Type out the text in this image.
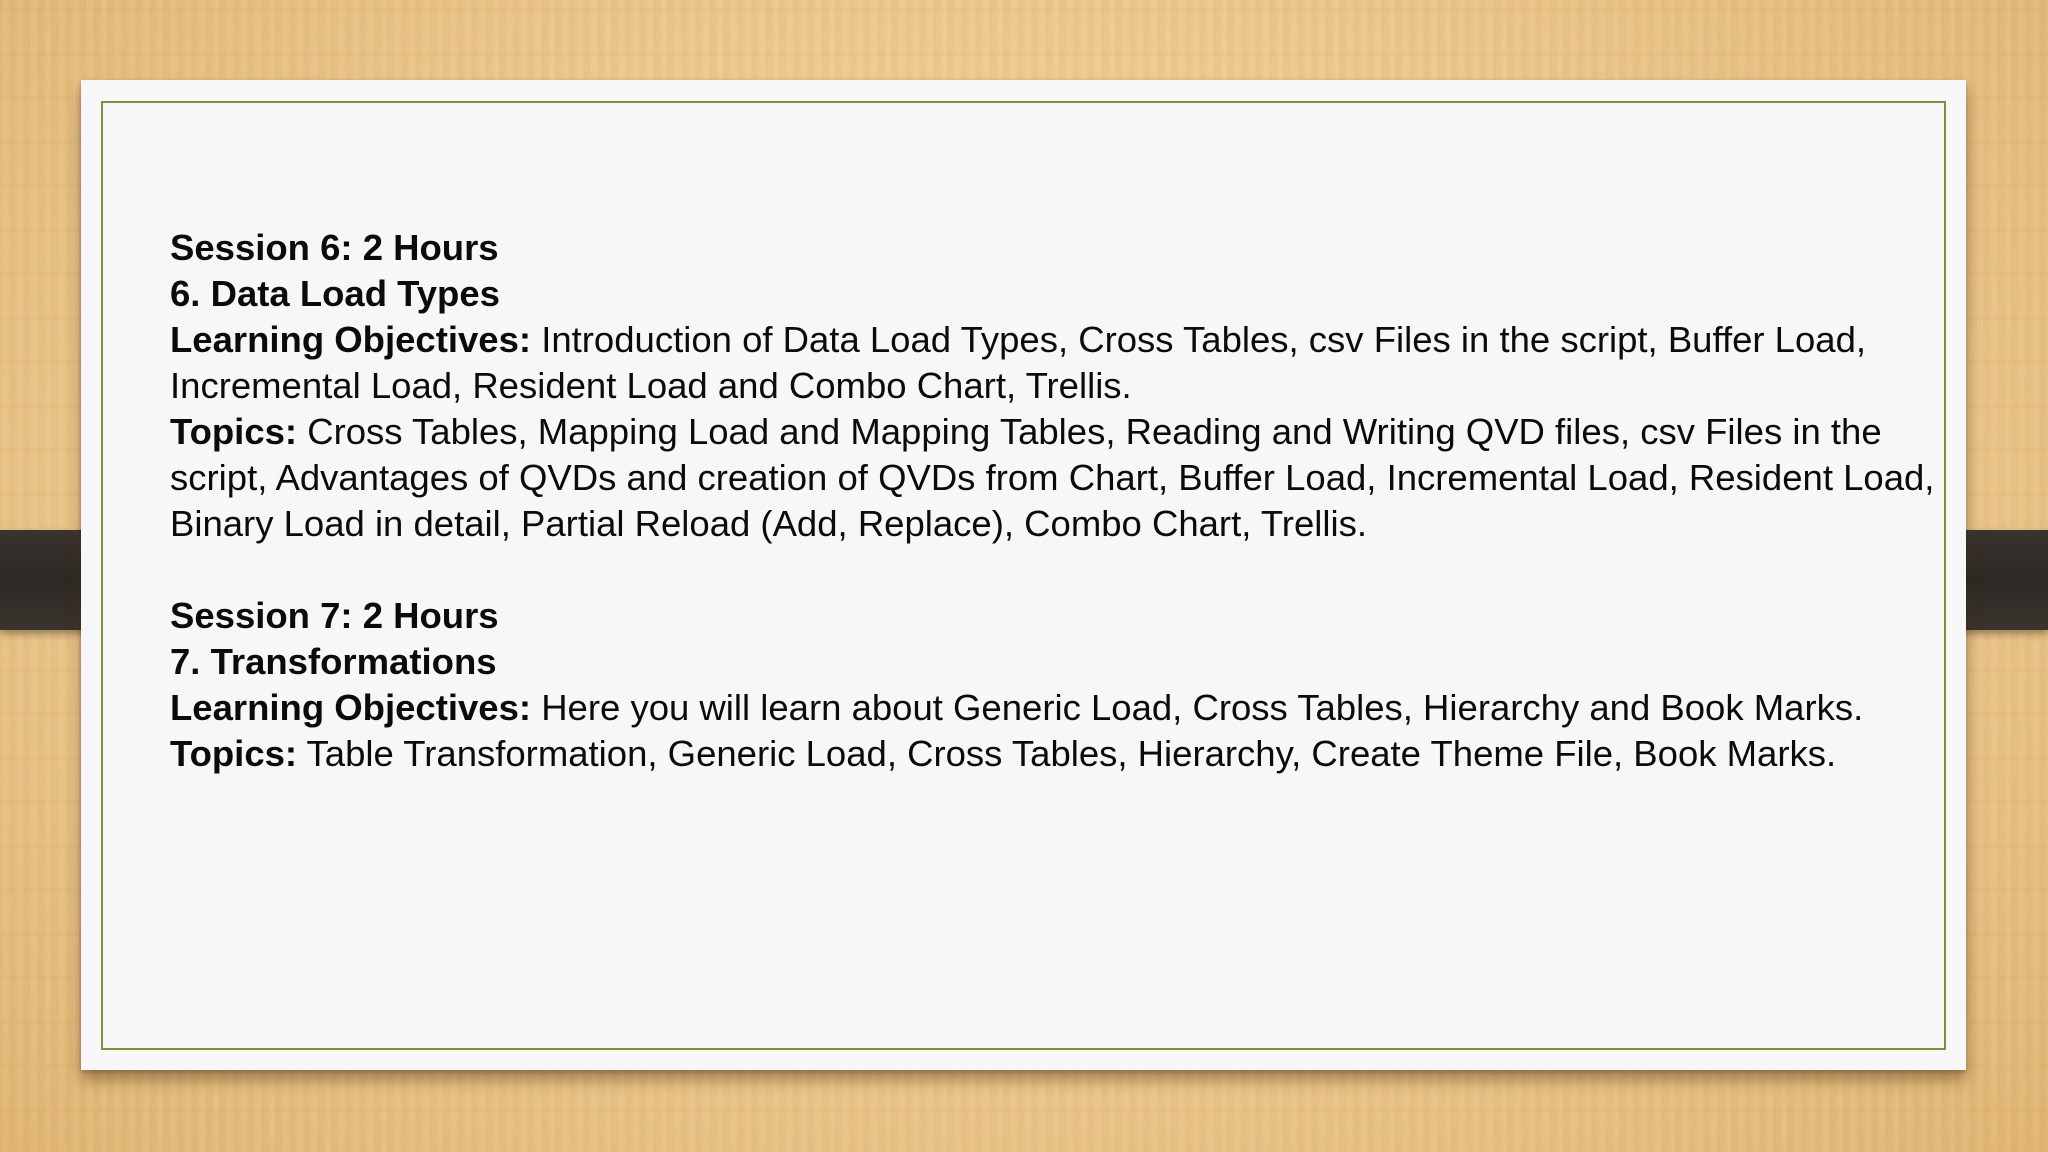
Session 6: 2 Hours

6. Data Load Types

Learning Objectives: Introduction of Data Load Types, Cross Tables, csv Files in the script, Buffer Load, Incremental Load, Resident Load and Combo Chart, Trellis.

Topics: Cross Tables, Mapping Load and Mapping Tables, Reading and Writing QVD files, csv Files in the script, Advantages of QVDs and creation of QVDs from Chart, Buffer Load, Incremental Load, Resident Load, Binary Load in detail, Partial Reload (Add, Replace), Combo Chart, Trellis.

Session 7: 2 Hours

7. Transformations

Learning Objectives: Here you will learn about Generic Load, Cross Tables, Hierarchy and Book Marks.

Topics: Table Transformation, Generic Load, Cross Tables, Hierarchy, Create Theme File, Book Marks.
